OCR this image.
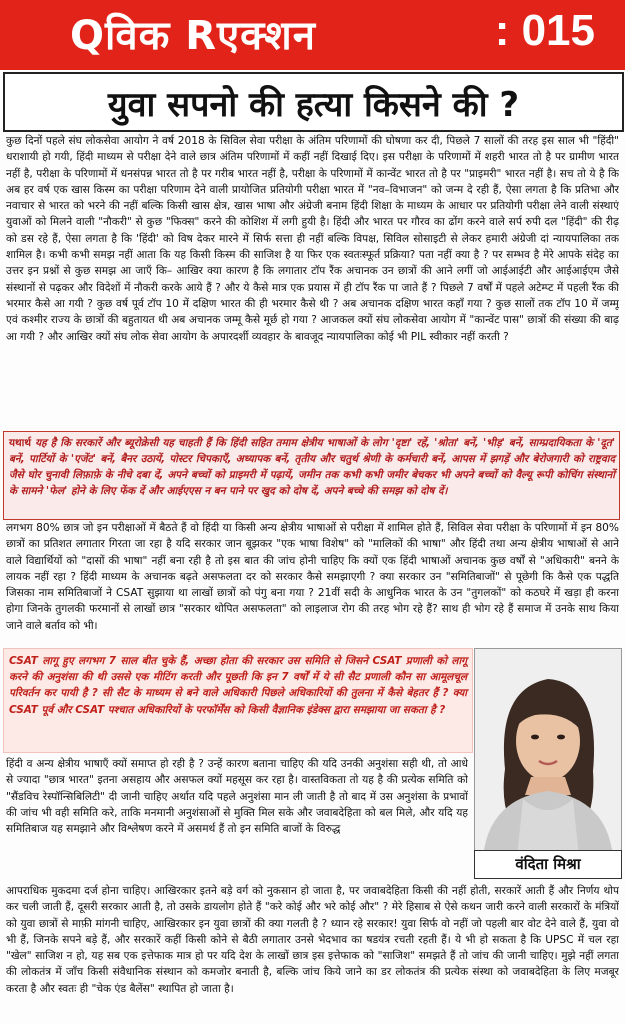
Qविक Rएक्शन	: 015
युवा सपनो की हत्या किसने की ?

कुछ दिनों पहले संघ लोकसेवा आयोग ने वर्ष 2018 के सिविल सेवा परीक्षा के अंतिम परिणामों की घोषणा कर दी, पिछले 7 सालों की तरह इस साल भी "हिंदी" धराशायी हो गयी, हिंदी माध्यम से परीक्षा देने वाले छात्र अंतिम परिणामों में कहीं नहीं दिखाई दिए। इस परीक्षा के परिणामों में शहरी भारत तो है पर ग्रामीण भारत नहीं है, परीक्षा के परिणामों में धनसंपन्न भारत तो है पर गरीब भारत नहीं है, परीक्षा के परिणामों में कान्वेंट भारत तो है पर "प्राइमरी" भारत नहीं है। सच तो ये है कि अब हर वर्ष एक खास किस्म का परीक्षा परिणाम देने वाली प्रायोजित प्रतियोगी परीक्षा भारत में "नव–विभाजन" को जन्म दे रही हैं, ऐसा लगता है कि प्रतिभा और नवाचार से भारत को भरने की नहीं बल्कि किसी खास क्षेत्र, खास भाषा और अंग्रेजी बनाम हिंदी शिक्षा के माध्यम के आधार पर प्रतियोगी परीक्षा लेने वाली संस्थाएं युवाओं को मिलने वाली "नौकरी" से कुछ "फिक्स" करने की कोशिश में लगी हुयी है। हिंदी और भारत पर गौरव का ढोंग करने वाले सर्प रुपी दल "हिंदी" की रीढ़ को डस रहे हैं, ऐसा लगता है कि 'हिंदी' को विष देकर मारने में सिर्फ सत्ता ही नहीं बल्कि विपक्ष, सिविल सोसाइटी से लेकर हमारी अंग्रेजी दां न्यायपालिका तक शामिल है। कभी कभी समझ नहीं आता कि यह किसी किस्म की साजिश है या फिर एक स्वतःस्फूर्त प्रक्रिया? पता नहीं क्या है ? पर सम्भव है मेरे आपके संदेह का उत्तर इन प्रश्नों से कुछ समझ आ जाएँ कि– आखिर क्या कारण है कि लगातार टॉप रैंक अचानक उन छात्रों की आने लगीं जो आईआईटी और आईआईएम जैसे संस्थानों से पढ़कर और विदेशों में नौकरी करके आये हैं ? और ये कैसे मात्र एक प्रयास में ही टॉप रैंक पा जाते हैं ? पिछले 7 वर्षों में पहले अटेम्प्ट में पहली रैंक की भरमार कैसे आ गयी ? कुछ वर्ष पूर्व टॉप 10 में दक्षिण भारत की ही भरमार कैसे थी ? अब अचानक दक्षिण भारत कहाँ गया ? कुछ सालों तक टॉप 10 में जम्मू एवं कश्मीर राज्य के छात्रों की बहुतायत थी अब अचानक जम्मू कैसे मूर्छ हो गया ? आजकल क्यों संघ लोकसेवा आयोग में "कान्वेंट पास" छात्रों की संख्या की बाढ़ आ गयी ? और आखिर क्यों संघ लोक सेवा आयोग के अपारदर्शी व्यवहार के बावजूद न्यायपालिका कोई भी PIL स्वीकार नहीं करती ?

यथार्थ यह है कि सरकारें और ब्यूरोक्रेसी यह चाहती हैं कि हिंदी सहित तमाम क्षेत्रीय भाषाओं के लोग 'दृष्टा' रहें, 'श्रोता' बनें, 'भीड़' बनें, साम्प्रदायिकता के 'दूत' बनें, पार्टियों के 'एजेंट' बनें, बैनर उठायें, पोस्टर चिपकाएँ, अध्यापक बनें, तृतीय और चतुर्थ श्रेणी के कर्मचारी बनें, आपस में झगड़ें और बेरोजगारी को राष्ट्रवाद जैसे घोर चुनावी लिफ़ाफ़े के नीचे दबा दें, अपने बच्चों को प्राइमरी में पढ़ायें, जमीन तक कभी कभी जमीर बेचकर भी अपने बच्चों को वैल्यू रूपी कोचिंग संस्थानों के सामने 'फेल' होने के लिए फेंक दें और आईएएस न बन पाने पर खुद को दोष दें, अपने बच्चे की समझ को दोष दें।

लगभग 80% छात्र जो इन परीक्षाओं में बैठते हैं वो हिंदी या किसी अन्य क्षेत्रीय भाषाओं से परीक्षा में शामिल होते हैं, सिविल सेवा परीक्षा के परिणामों में इन 80% छात्रों का प्रतिशत लगातार गिरता जा रहा है यदि सरकार जान बूझकर "एक भाषा विशेष" को "मालिकों की भाषा" और हिंदी तथा अन्य क्षेत्रीय भाषाओं से आने वाले विद्यार्थियों को "दासों की भाषा" नहीं बना रही है तो इस बात की जांच होनी चाहिए कि क्यों एक हिंदी भाषाओं अचानक कुछ वर्षों से "अधिकारी" बनने के लायक नहीं रहा ? हिंदी माध्यम के अचानक बढ़ते असफलता दर को सरकार कैसे समझाएगी ? क्या सरकार उन "समितिबाजों" से पूछेगी कि कैसे एक पद्धति जिसका नाम समितिबाजों ने CSAT सुझाया था लाखों छात्रों को पंगु बना गया ? 21वीं सदी के आधुनिक भारत के उन "तुगलकों" को कठघरे में खड़ा ही करना होगा जिनके तुगलकी फरमानों से लाखों छात्र "सरकार थोपित असफलता" को लाइलाज रोग की तरह भोग रहे हैं? साथ ही भोग रहे हैं समाज में उनके साथ किया जाने वाले बर्ताव को भी।

CSAT लागू हुए लगभग 7 साल बीत चुके हैं, अच्छा होता की सरकार उस समिति से जिसने CSAT प्रणाली को लागू करने की अनुशंसा की थी उससे एक मीटिंग करती और पूछती कि इन 7 वर्षों में ये सी सैट प्रणाली कौन सा आमूलचूल परिवर्तन कर पायी है ? सी सैट के माध्यम से बने वाले अधिकारी पिछले अधिकारियों की तुलना में कैसे बेहतर हैं ? क्या CSAT पूर्व और CSAT पश्चात अधिकारियों के परफॉर्मेंस को किसी वैज्ञानिक इंडेक्स द्वारा समझाया जा सकता है ?

वंदिता मिश्रा

हिंदी व अन्य क्षेत्रीय भाषाएँ क्यों समाप्त हो रही है ? उन्हें कारण बताना चाहिए की यदि उनकी अनुशंसा सही थी, तो आधे से ज्यादा "छात्र भारत" इतना असहाय और असफल क्यों महसूस कर रहा है। वास्तविकता तो यह है की प्रत्येक समिति को "सैंडविच रेस्पॉन्सिबिलिटी" दी जानी चाहिए अर्थात यदि पहले अनुशंसा मान ली जाती है तो बाद में उस अनुशंसा के प्रभावों की जांच भी वही समिति करे, ताकि मनमानी अनुशंसाओं से मुक्ति मिल सके और जवाबदेहिता को बल मिले, और यदि यह समितिबाज यह समझाने और विश्लेषण करने में असमर्थ हैं तो इन समिति बाजों के विरुद्ध

आपराधिक मुकदमा दर्ज होना चाहिए। आखिरकार इतने बड़े वर्ग को नुकसान हो जाता है, पर जवाबदेहिता किसी की नहीं होती, सरकारें आती हैं और निर्णय थोप कर चली जाती हैं, दूसरी सरकार आती है, तो उसके डायलोग होते हैं "करे कोई और भरे कोई और" ? मेरे हिसाब से ऐसे कथन जारी करने वाली सरकारों के मंत्रियों को युवा छात्रों से माफ़ी मांगनी चाहिए, आखिरकार इन युवा छात्रों की क्या गलती है ? ध्यान रहे सरकार! युवा सिर्फ वो नहीं जो पहली बार वोट देने वाले हैं, युवा वो भी हैं, जिनके सपने बड़े हैं, और सरकारें कहीं किसी कोने से बैठी लगातार उनसे भेदभाव का षडयंत्र रचती रहती हैं। ये भी हो सकता है कि UPSC में चल रहा "खेल" साजिश न हो, यह सब एक इत्तेफाक मात्र हो पर यदि देश के लाखों छात्र इस इत्तेफाक को "साजिश" समझते हैं तो जांच की जानी चाहिए। मुझे नहीं लगता की लोकतंत्र में जाँच किसी संवैधानिक संस्थान को कमजोर बनाती है, बल्कि जांच किये जाने का डर लोकतंत्र की प्रत्येक संस्था को जवाबदेहिता के लिए मजबूर करता है और स्वतः ही "चेक एंड बैलेंस" स्थापित हो जाता है।
